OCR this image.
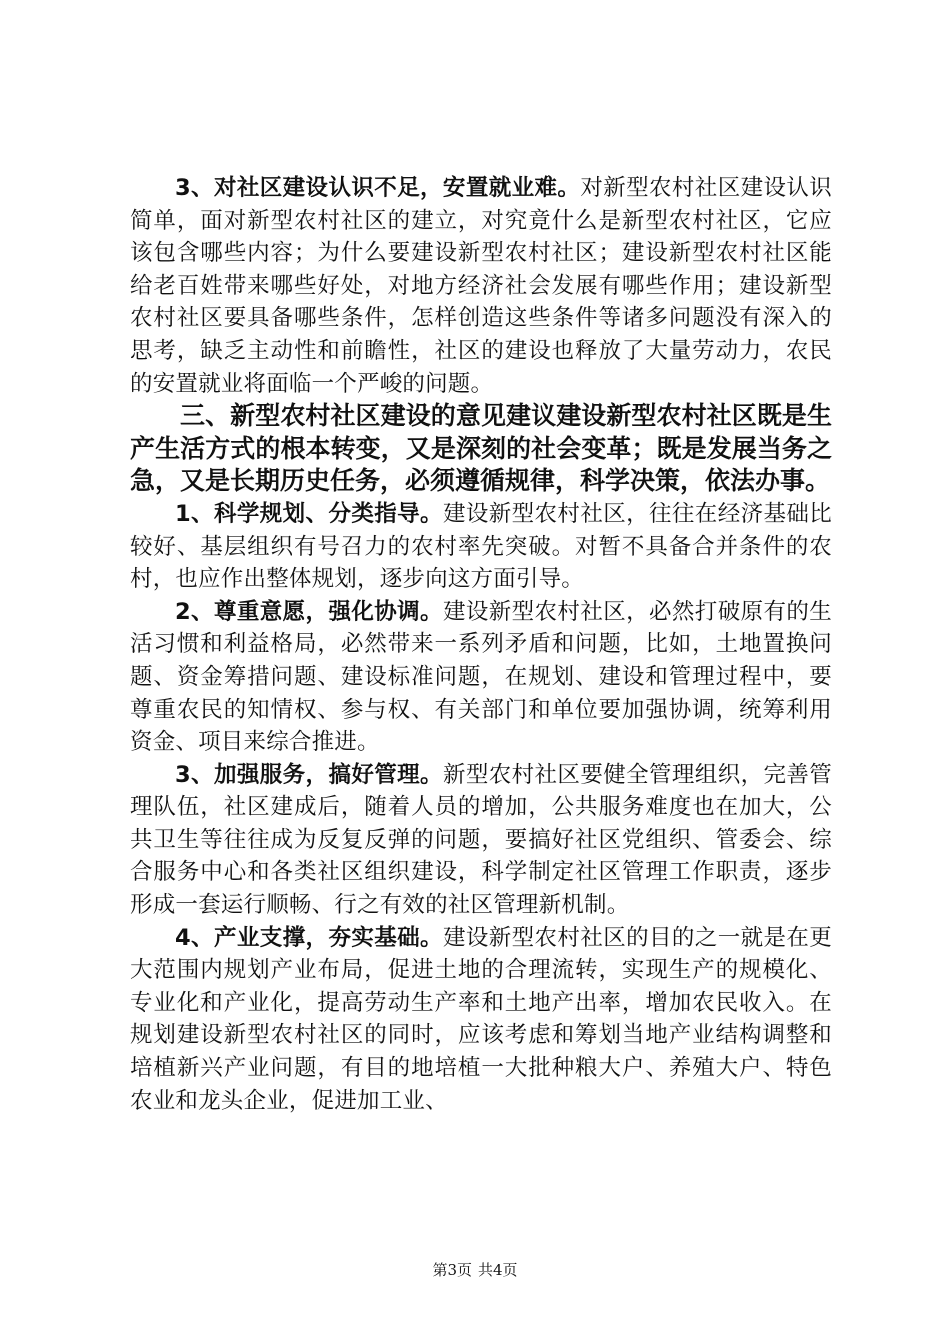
3、对社区建设认识不足，安置就业难。对新型农村社区建设认识简单，面对新型农村社区的建立，对究竟什么是新型农村社区，它应该包含哪些内容；为什么要建设新型农村社区；建设新型农村社区能给老百姓带来哪些好处，对地方经济社会发展有哪些作用；建设新型农村社区要具备哪些条件，怎样创造这些条件等诸多问题没有深入的思考，缺乏主动性和前瞻性，社区的建设也释放了大量劳动力，农民的安置就业将面临一个严峻的问题。

三、新型农村社区建设的意见建议建设新型农村社区既是生产生活方式的根本转变，又是深刻的社会变革；既是发展当务之急，又是长期历史任务，必须遵循规律，科学决策，依法办事。

1、科学规划、分类指导。建设新型农村社区，往往在经济基础比较好、基层组织有号召力的农村率先突破。对暂不具备合并条件的农村，也应作出整体规划，逐步向这方面引导。

2、尊重意愿，强化协调。建设新型农村社区，必然打破原有的生活习惯和利益格局，必然带来一系列矛盾和问题，比如，土地置换问题、资金筹措问题、建设标准问题，在规划、建设和管理过程中，要尊重农民的知情权、参与权、有关部门和单位要加强协调，统筹利用资金、项目来综合推进。

3、加强服务，搞好管理。新型农村社区要健全管理组织，完善管理队伍，社区建成后，随着人员的增加，公共服务难度也在加大，公共卫生等往往成为反复反弹的问题，要搞好社区党组织、管委会、综合服务中心和各类社区组织建设，科学制定社区管理工作职责，逐步形成一套运行顺畅、行之有效的社区管理新机制。

4、产业支撑，夯实基础。建设新型农村社区的目的之一就是在更大范围内规划产业布局，促进土地的合理流转，实现生产的规模化、专业化和产业化，提高劳动生产率和土地产出率，增加农民收入。在规划建设新型农村社区的同时，应该考虑和筹划当地产业结构调整和培植新兴产业问题，有目的地培植一大批种粮大户、养殖大户、特色农业和龙头企业，促进加工业、

第3页 共4页
